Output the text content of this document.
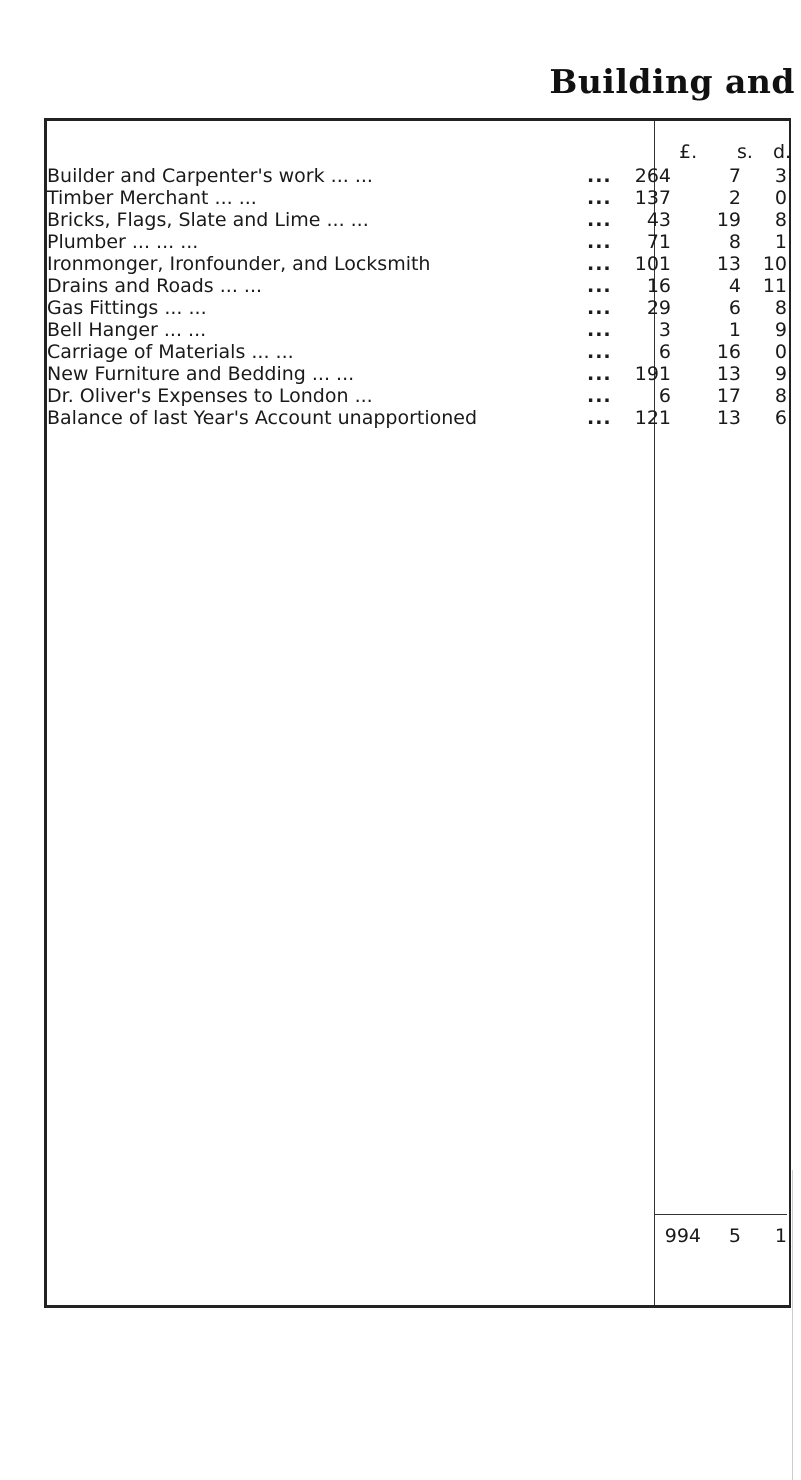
Building and
£. s. d.
Builder and Carpenter's work ... ...	... 264	7 3
Timber Merchant ... ...	... 137	2 0
Bricks, Flags, Slate and Lime ... ...	... 43 19 8
Plumber ... ... ...	... 71	8 1
Ironmonger, Ironfounder, and Locksmith	... 101 13 10
Drains and Roads ... ...	... 16	4 11
Gas Fittings ... ...	... 29	6 8
Bell Hanger ... ...	... 3	1 9
Carriage of Materials ... ...	... 6 16 0
New Furniture and Bedding ... ...	... 191 13 9
Dr. Oliver's Expenses to London ...	... 6 17 8
Balance of last Year's Account unapportioned	... 121 13 6
994 5 1
